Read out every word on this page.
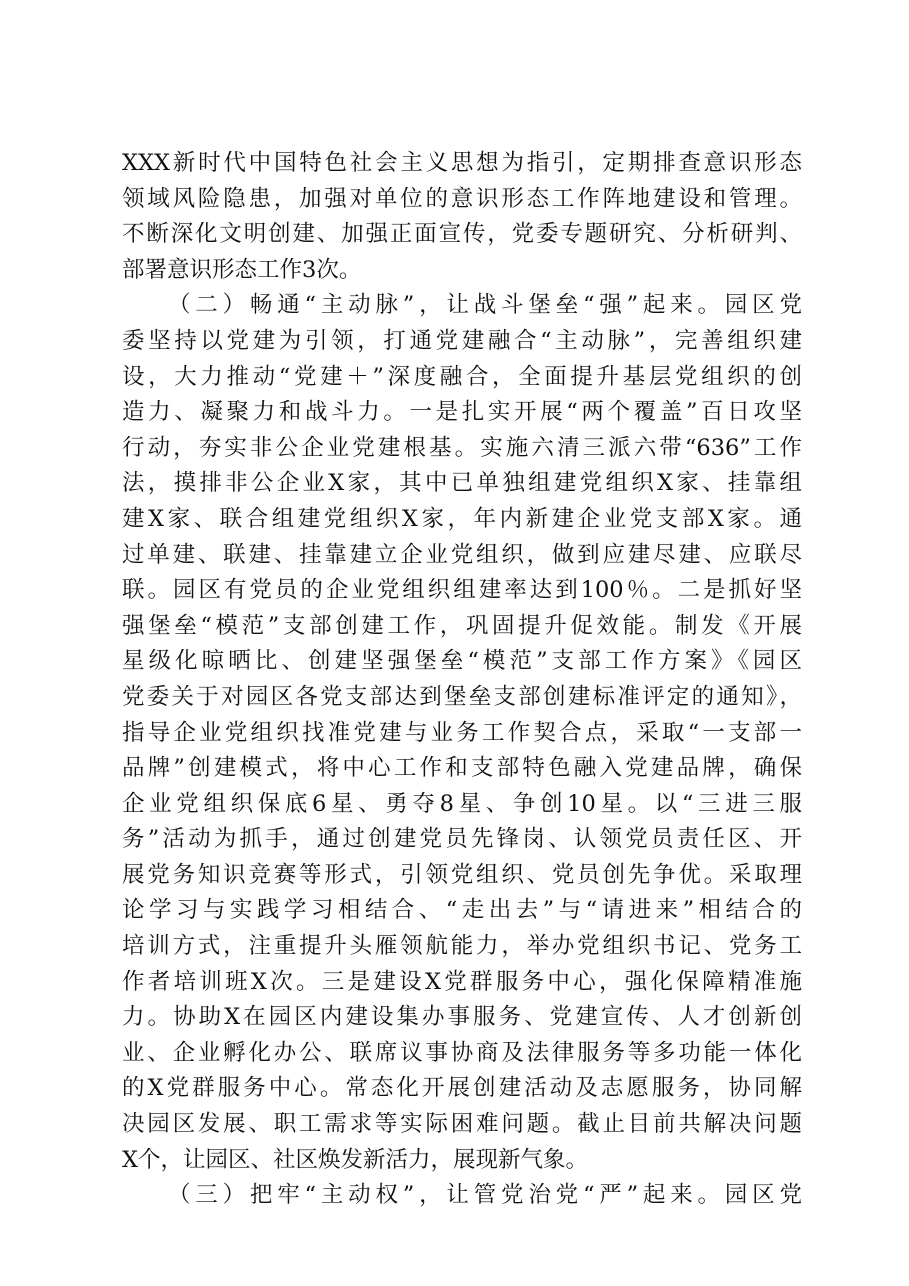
XXX新时代中国特色社会主义思想为指引，定期排查意识形态
领域风险隐患，加强对单位的意识形态工作阵地建设和管理。
不断深化文明创建、加强正面宣传，党委专题研究、分析研判、
部署意识形态工作3次。
（二）畅通“主动脉”，让战斗堡垒“强”起来。园区党
委坚持以党建为引领，打通党建融合“主动脉”，完善组织建
设，大力推动“党建＋”深度融合，全面提升基层党组织的创
造力、凝聚力和战斗力。一是扎实开展“两个覆盖”百日攻坚
行动，夯实非公企业党建根基。实施六清三派六带“636”工作
法，摸排非公企业X家，其中已单独组建党组织X家、挂靠组
建X家、联合组建党组织X家，年内新建企业党支部X家。通
过单建、联建、挂靠建立企业党组织，做到应建尽建、应联尽
联。园区有党员的企业党组织组建率达到100％。二是抓好坚
强堡垒“模范”支部创建工作，巩固提升促效能。制发《开展
星级化晾晒比、创建坚强堡垒“模范”支部工作方案》《园区
党委关于对园区各党支部达到堡垒支部创建标准评定的通知》，
指导企业党组织找准党建与业务工作契合点，采取“一支部一
品牌”创建模式，将中心工作和支部特色融入党建品牌，确保
企业党组织保底6星、勇夺8星、争创10星。以“三进三服
务”活动为抓手，通过创建党员先锋岗、认领党员责任区、开
展党务知识竞赛等形式，引领党组织、党员创先争优。采取理
论学习与实践学习相结合、“走出去”与“请进来”相结合的
培训方式，注重提升头雁领航能力，举办党组织书记、党务工
作者培训班X次。三是建设X党群服务中心，强化保障精准施
力。协助X在园区内建设集办事服务、党建宣传、人才创新创
业、企业孵化办公、联席议事协商及法律服务等多功能一体化
的X党群服务中心。常态化开展创建活动及志愿服务，协同解
决园区发展、职工需求等实际困难问题。截止目前共解决问题
X个，让园区、社区焕发新活力，展现新气象。
（三）把牢“主动权”，让管党治党“严”起来。园区党
